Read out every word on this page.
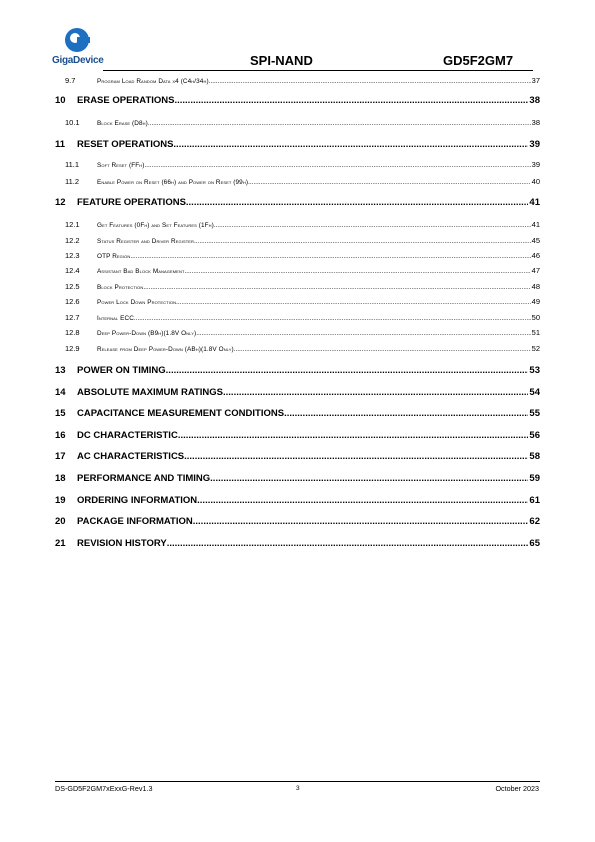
GigaDevice	SPI-NAND	GD5F2GM7
9.7	Program Load Random Data x4 (C4h/34h) .....	37
10	ERASE OPERATIONS .....	38
10.1	Block Erase (D8h) .....	38
11	RESET OPERATIONS .....	39
11.1	Soft Reset (FFh) .....	39
11.2	Enable Power on Reset (66h) and Power on Reset (99h) .....	40
12	FEATURE OPERATIONS .....	41
12.1	Get Features (0Fh) and Set Features (1Fh) .....	41
12.2	Status Register and Driver Register .....	45
12.3	OTP Region .....	46
12.4	Assistant Bad Block Management .....	47
12.5	Block Protection .....	48
12.6	Power Lock Down Protection .....	49
12.7	Internal ECC .....	50
12.8	Deep Power-Down (B9h)(1.8V Only) .....	51
12.9	Release from Deep Power-Down (ABh)(1.8V Only) .....	52
13	POWER ON TIMING .....	53
14	ABSOLUTE MAXIMUM RATINGS .....	54
15	CAPACITANCE MEASUREMENT CONDITIONS .....	55
16	DC CHARACTERISTIC .....	56
17	AC CHARACTERISTICS .....	58
18	PERFORMANCE AND TIMING .....	59
19	ORDERING INFORMATION .....	61
20	PACKAGE INFORMATION .....	62
21	REVISION HISTORY .....	65
DS-GD5F2GM7xExxG-Rev1.3	3	October 2023
